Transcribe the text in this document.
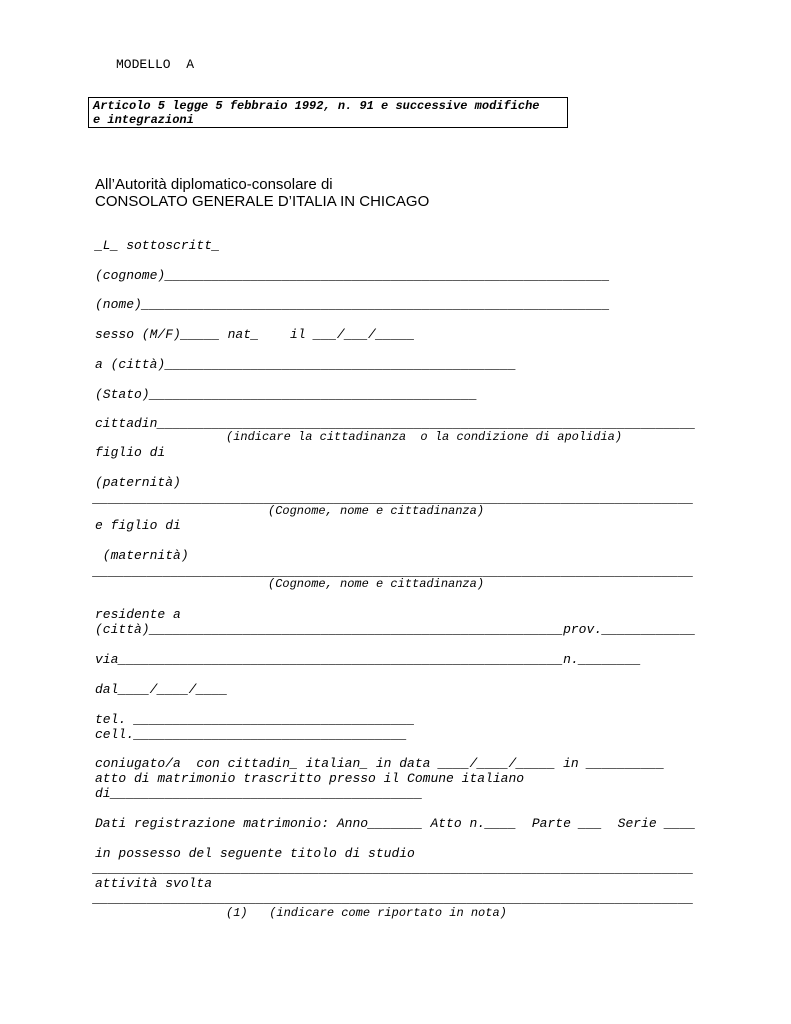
MODELLO  A
Articolo 5 legge 5 febbraio 1992, n. 91 e successive modifiche
e integrazioni
All’Autorità diplomatico-consolare di
CONSOLATO GENERALE D’ITALIA IN CHICAGO
_L_ sottoscritt_
(cognome)_________________________________________________________
(nome)____________________________________________________________
sesso (M/F)_____ nat_    il ___/___/_____
a (città)_____________________________________________
(Stato)__________________________________________
cittadin_____________________________________________________________________
(indicare la cittadinanza  o la condizione di apolidia)
figlio di
(paternità)
_____________________________________________________________________________
(Cognome, nome e cittadinanza)
e figlio di
(maternità)
_____________________________________________________________________________
(Cognome, nome e cittadinanza)
residente a
(città)_____________________________________________________prov.____________
via_________________________________________________________n.________
dal____/____/____
tel. ____________________________________
cell.___________________________________
coniugato/a  con cittadin_ italian_ in data ____/____/_____ in __________
atto di matrimonio trascritto presso il Comune italiano
di________________________________________
Dati registrazione matrimonio: Anno_______ Atto n.____  Parte ___  Serie ____
in possesso del seguente titolo di studio
_____________________________________________________________________________
attività svolta
_____________________________________________________________________________
(1)   (indicare come riportato in nota)
